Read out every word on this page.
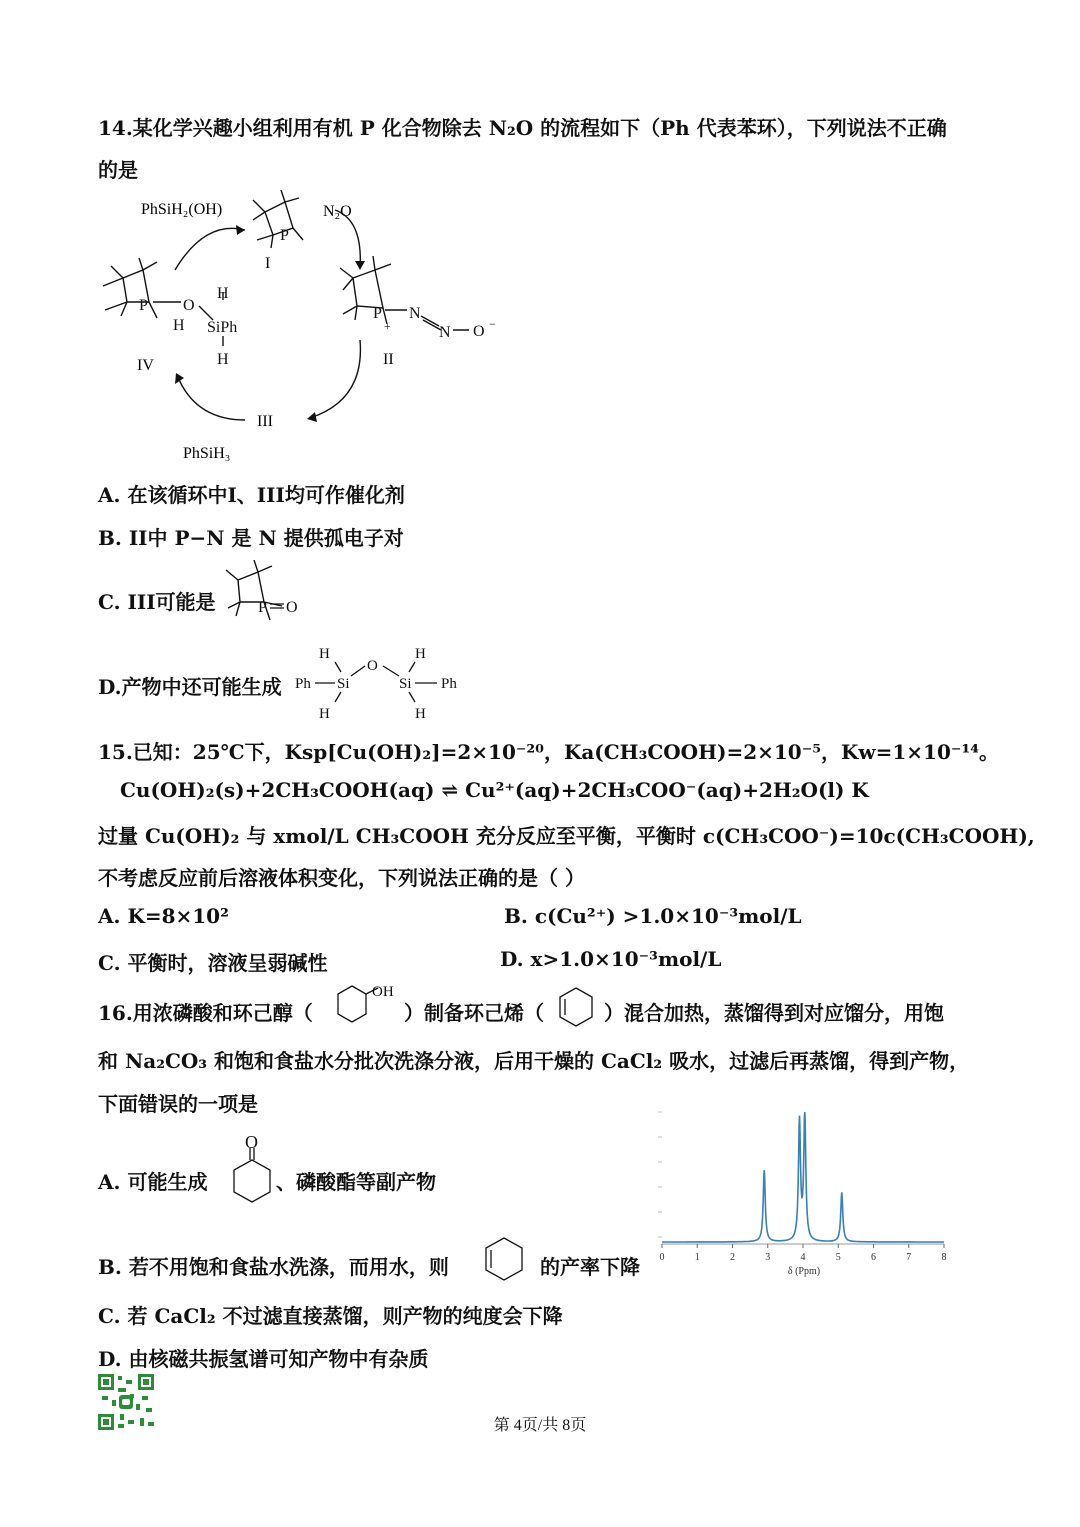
14.某化学兴趣小组利用有机 P 化合物除去 N₂O 的流程如下（Ph 代表苯环），下列说法不正确
的是
P
P
+
N
N O −
P O
H
H
SiPh
H
I
II
III
IV
PhSiH₂(OH)	N₂O
PhSiH₃
A. 在该循环中I、III均可作催化剂
B. II中 P−N 是 N 提供孤电子对
C. III可能是	P O
D.产物中还可能生成 Ph Si
O
Si Ph
H
H
H
H
15.已知：25℃下，Ksp[Cu(OH)₂]=2×10⁻²⁰，Ka(CH₃COOH)=2×10⁻⁵，Kw=1×10⁻¹⁴。
Cu(OH)₂(s)+2CH₃COOH(aq) ⇌ Cu²⁺(aq)+2CH₃COO⁻(aq)+2H₂O(l) K
过量 Cu(OH)₂ 与 xmol/L CH₃COOH 充分反应至平衡，平衡时 c(CH₃COO⁻)=10c(CH₃COOH),
不考虑反应前后溶液体积变化，下列说法正确的是（ ）
A. K=8×10²	B. c(Cu²⁺) >1.0×10⁻³mol/L
C. 平衡时，溶液呈弱碱性	D. x>1.0×10⁻³mol/L
16.用浓磷酸和环己醇（
OH
）制备环己烯（	）混合加热，蒸馏得到对应馏分，用饱
和 Na₂CO₃ 和饱和食盐水分批次洗涤分液，后用干燥的 CaCl₂ 吸水，过滤后再蒸馏，得到产物，
下面错误的一项是
A. 可能生成
O
、磷酸酯等副产物
B. 若不用饱和食盐水洗涤，而用水，则	的产率下降
C. 若 CaCl₂ 不过滤直接蒸馏，则产物的纯度会下降
D. 由核磁共振氢谱可知产物中有杂质
0	1	2	3	4	5	6	7	8
δ (Ppm)
第 4页/共 8页
